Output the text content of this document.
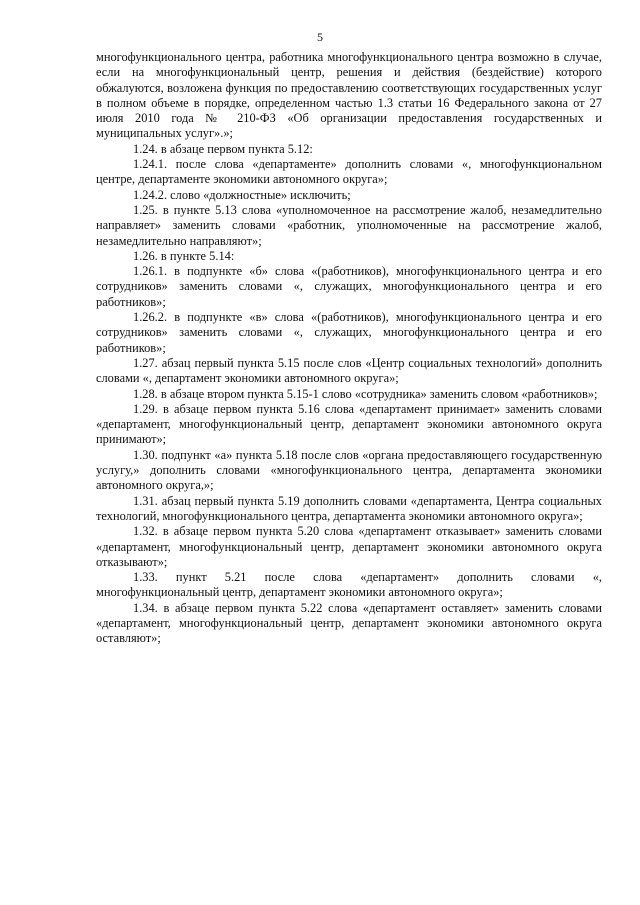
5

многофункционального центра, работника многофункционального центра возможно в случае, если на многофункциональный центр, решения и действия (бездействие) которого обжалуются, возложена функция по предоставлению соответствующих государственных услуг в полном объеме в порядке, определенном частью 1.3 статьи 16 Федерального закона от 27 июля 2010 года № 210-ФЗ «Об организации предоставления государственных и муниципальных услуг».»;

1.24. в абзаце первом пункта 5.12:

1.24.1. после слова «департаменте» дополнить словами «, многофункциональном центре, департаменте экономики автономного округа»;

1.24.2. слово «должностные» исключить;

1.25. в пункте 5.13 слова «уполномоченное на рассмотрение жалоб, незамедлительно направляет» заменить словами «работник, уполномоченные на рассмотрение жалоб, незамедлительно направляют»;

1.26. в пункте 5.14:

1.26.1. в подпункте «б» слова «(работников), многофункционального центра и его сотрудников» заменить словами «, служащих, многофункционального центра и его работников»;

1.26.2. в подпункте «в» слова «(работников), многофункционального центра и его сотрудников» заменить словами «, служащих, многофункционального центра и его работников»;

1.27. абзац первый пункта 5.15 после слов «Центр социальных технологий» дополнить словами «, департамент экономики автономного округа»;

1.28. в абзаце втором пункта 5.15-1 слово «сотрудника» заменить словом «работников»;

1.29. в абзаце первом пункта 5.16 слова «департамент принимает» заменить словами «департамент, многофункциональный центр, департамент экономики автономного округа принимают»;

1.30. подпункт «а» пункта 5.18 после слов «органа предоставляющего государственную услугу,» дополнить словами «многофункционального центра, департамента экономики автономного округа,»;

1.31. абзац первый пункта 5.19 дополнить словами «департамента, Центра социальных технологий, многофункционального центра, департамента экономики автономного округа»;

1.32. в абзаце первом пункта 5.20 слова «департамент отказывает» заменить словами «департамент, многофункциональный центр, департамент экономики автономного округа отказывают»;

1.33. пункт 5.21 после слова «департамент» дополнить словами «, многофункциональный центр, департамент экономики автономного округа»;

1.34. в абзаце первом пункта 5.22 слова «департамент оставляет» заменить словами «департамент, многофункциональный центр, департамент экономики автономного округа оставляют»;
